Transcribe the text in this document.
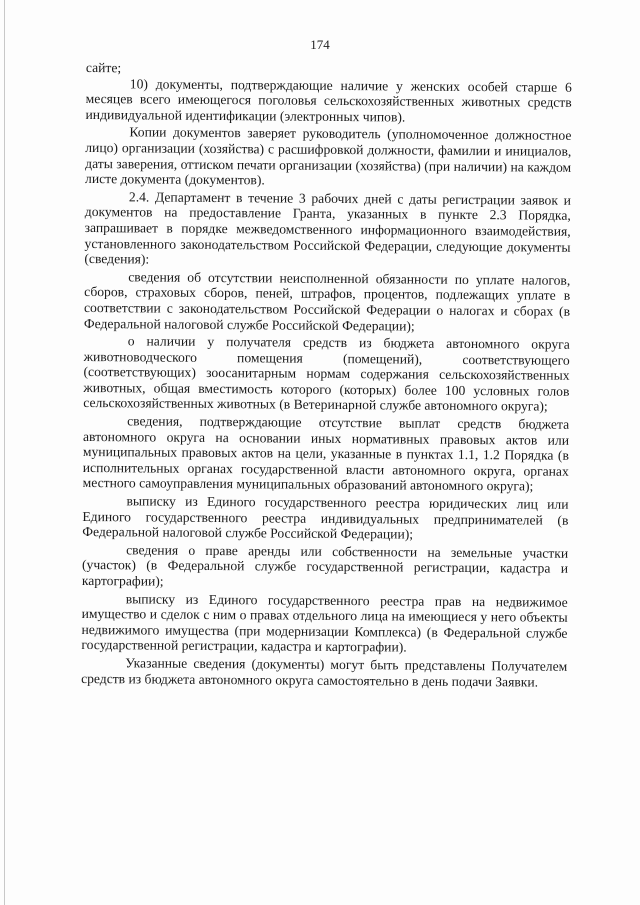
174

сайте;

10) документы, подтверждающие наличие у женских особей старше 6 месяцев всего имеющегося поголовья сельскохозяйственных животных средств индивидуальной идентификации (электронных чипов).

Копии документов заверяет руководитель (уполномоченное должностное лицо) организации (хозяйства) с расшифровкой должности, фамилии и инициалов, даты заверения, оттиском печати организации (хозяйства) (при наличии) на каждом листе документа (документов).

2.4. Департамент в течение 3 рабочих дней с даты регистрации заявок и документов на предоставление Гранта, указанных в пункте 2.3 Порядка, запрашивает в порядке межведомственного информационного взаимодействия, установленного законодательством Российской Федерации, следующие документы (сведения):

сведения об отсутствии неисполненной обязанности по уплате налогов, сборов, страховых сборов, пеней, штрафов, процентов, подлежащих уплате в соответствии с законодательством Российской Федерации о налогах и сборах (в Федеральной налоговой службе Российской Федерации);

о наличии у получателя средств из бюджета автономного округа животноводческого помещения (помещений), соответствующего (соответствующих) зоосанитарным нормам содержания сельскохозяйственных животных, общая вместимость которого (которых) более 100 условных голов сельскохозяйственных животных (в Ветеринарной службе автономного округа);

сведения, подтверждающие отсутствие выплат средств бюджета автономного округа на основании иных нормативных правовых актов или муниципальных правовых актов на цели, указанные в пунктах 1.1, 1.2 Порядка (в исполнительных органах государственной власти автономного округа, органах местного самоуправления муниципальных образований автономного округа);

выписку из Единого государственного реестра юридических лиц или Единого государственного реестра индивидуальных предпринимателей (в Федеральной налоговой службе Российской Федерации);

сведения о праве аренды или собственности на земельные участки (участок) (в Федеральной службе государственной регистрации, кадастра и картографии);

выписку из Единого государственного реестра прав на недвижимое имущество и сделок с ним о правах отдельного лица на имеющиеся у него объекты недвижимого имущества (при модернизации Комплекса) (в Федеральной службе государственной регистрации, кадастра и картографии).

Указанные сведения (документы) могут быть представлены Получателем средств из бюджета автономного округа самостоятельно в день подачи Заявки.
